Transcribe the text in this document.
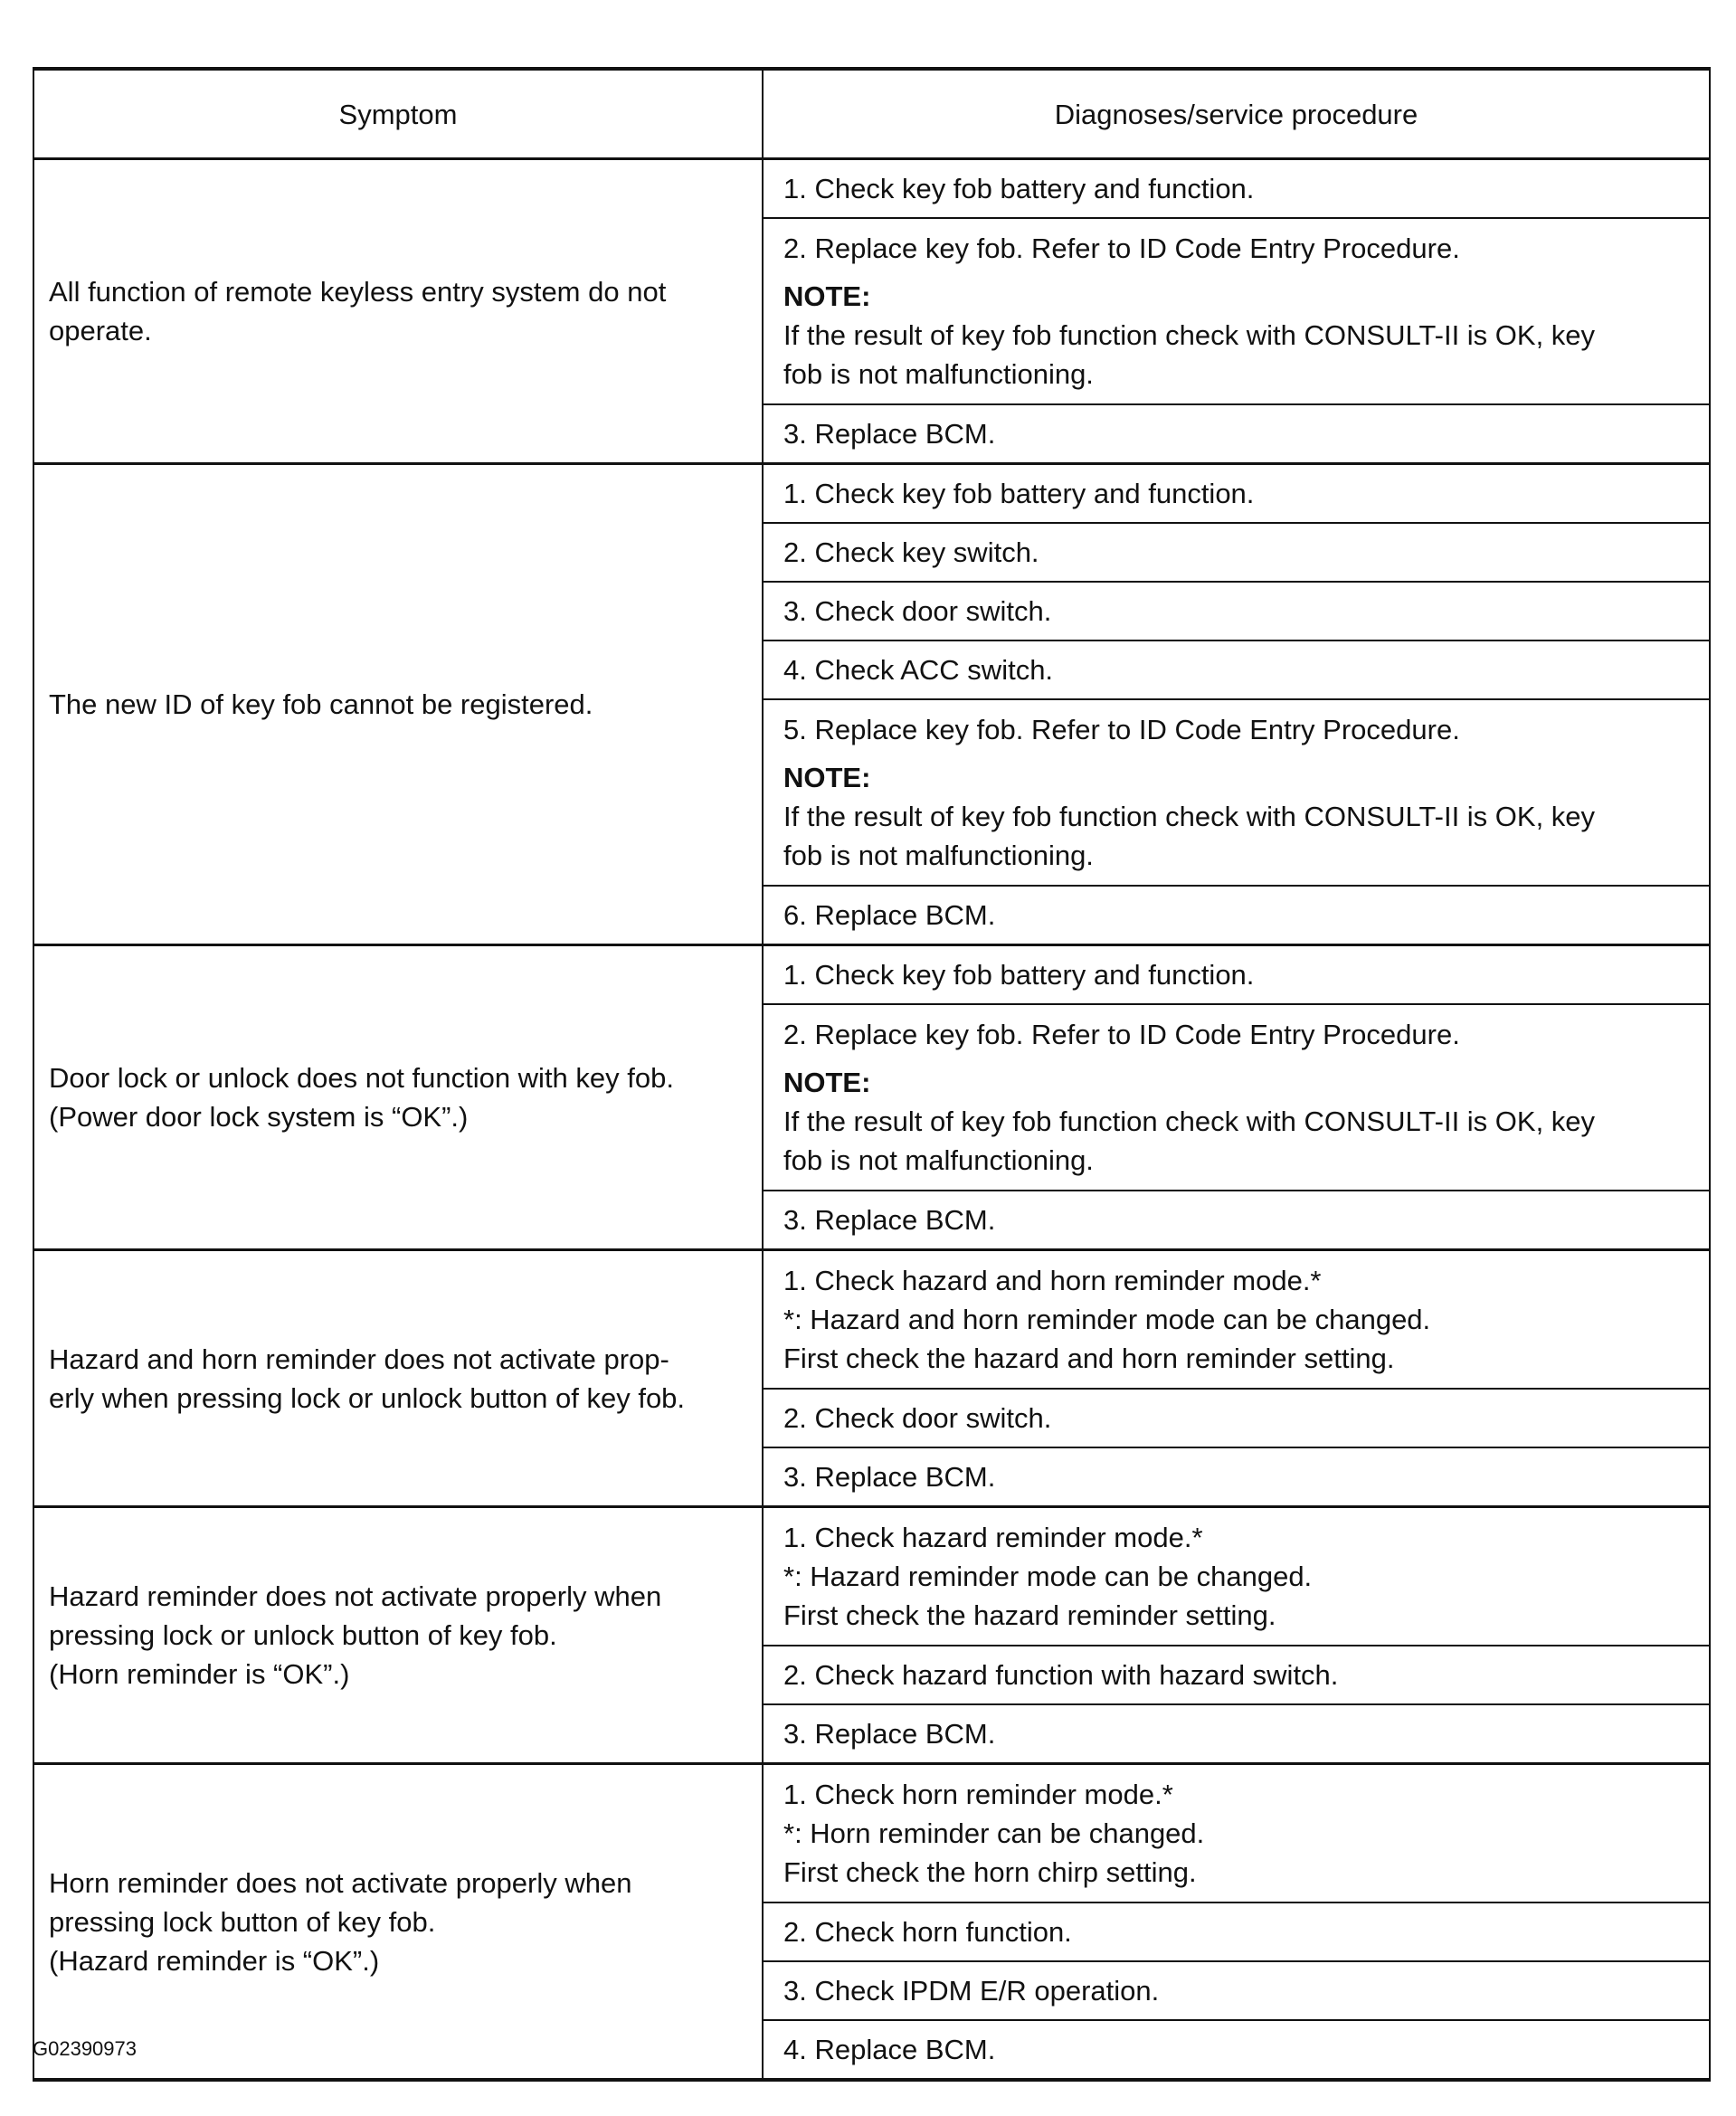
Symptom	Diagnoses/service procedure

All function of remote keyless entry system do not
operate.	1. Check key fob battery and function.

	2. Replace key fob. Refer to ID Code Entry Procedure.
NOTE:
If the result of key fob function check with CONSULT-II is OK, key
fob is not malfunctioning.

	3. Replace BCM.

The new ID of key fob cannot be registered.	1. Check key fob battery and function.

	2. Check key switch.

	3. Check door switch.

	4. Check ACC switch.

	5. Replace key fob. Refer to ID Code Entry Procedure.
NOTE:
If the result of key fob function check with CONSULT-II is OK, key
fob is not malfunctioning.

	6. Replace BCM.

Door lock or unlock does not function with key fob.
(Power door lock system is “OK”.)	1. Check key fob battery and function.

	2. Replace key fob. Refer to ID Code Entry Procedure.
NOTE:
If the result of key fob function check with CONSULT-II is OK, key
fob is not malfunctioning.

	3. Replace BCM.

Hazard and horn reminder does not activate prop-
erly when pressing lock or unlock button of key fob.	1. Check hazard and horn reminder mode.*
*: Hazard and horn reminder mode can be changed.
First check the hazard and horn reminder setting.

	2. Check door switch.

	3. Replace BCM.

Hazard reminder does not activate properly when
pressing lock or unlock button of key fob.
(Horn reminder is “OK”.)	1. Check hazard reminder mode.*
*: Hazard reminder mode can be changed.
First check the hazard reminder setting.

	2. Check hazard function with hazard switch.

	3. Replace BCM.

Horn reminder does not activate properly when
pressing lock button of key fob.
(Hazard reminder is “OK”.)	1. Check horn reminder mode.*
*: Horn reminder can be changed.
First check the horn chirp setting.

	2. Check horn function.

	3. Check IPDM E/R operation.

	4. Replace BCM.
G02390973
